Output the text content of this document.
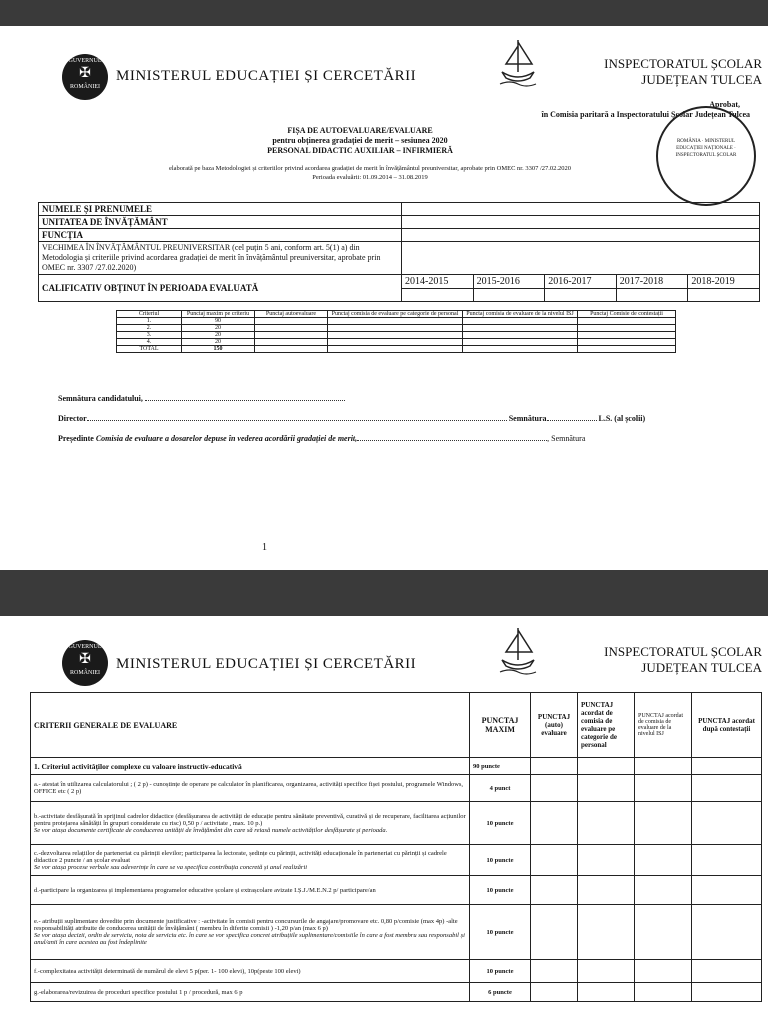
GUVERNUL
✠
ROMÂNIEI
MINISTERUL EDUCAȚIEI ȘI CERCETĂRII
INSPECTORATUL ȘCOLAR
JUDEȚEAN TULCEA
Aprobat,
în Comisia paritară a Inspectoratului Școlar Județean Tulcea
ROMÂNIA · MINISTERUL EDUCAȚIEI NAȚIONALE · INSPECTORATUL ȘCOLAR
FIȘA DE AUTOEVALUARE/EVALUARE
pentru obținerea gradației de merit – sesiunea 2020
PERSONAL DIDACTIC AUXILIAR – INFIRMIERĂ
elaborată pe baza Metodologiei și criteriilor privind acordarea gradației de merit în învățământul preuniversitar, aprobate prin OMEC nr. 3307 /27.02.2020
Perioada evaluării: 01.09.2014 – 31.08.2019
NUMELE ȘI PRENUMELE					
UNITATEA DE ÎNVĂȚĂMÂNT					
FUNCȚIA					
VECHIMEA ÎN ÎNVĂȚĂMÂNTUL PREUNIVERSITAR (cel puțin 5 ani, conform art. 5(1) a) din Metodologia și criteriile privind acordarea gradației de merit în învățământul preuniversitar, aprobate prin OMEC nr. 3307 /27.02.2020)					
CALIFICATIV OBȚINUT ÎN PERIOADA EVALUATĂ	2014-2015	2015-2016	2016-2017	2017-2018	2018-2019

Criteriul	Punctaj maxim pe criteriu	Punctaj autoevaluare	Punctaj comisia de evaluare pe categorie de personal	Punctaj comisia de evaluare de la nivelul ISJ	Punctaj Comisie de contestații
1.	90				
2.	20				
3.	20				
4.	20				
TOTAL	150				
Semnătura candidatului,
Director	Semnătura	L.S. (al școlii)
Președinte Comisia de evaluare a dosarelor depuse în vederea acordării gradației de merit,	, Semnătura
1
GUVERNUL
✠
ROMÂNIEI
MINISTERUL EDUCAȚIEI ȘI CERCETĂRII
INSPECTORATUL ȘCOLAR
JUDEȚEAN TULCEA
CRITERII GENERALE DE EVALUARE	PUNCTAJ MAXIM	PUNCTAJ (auto) evaluare	PUNCTAJ acordat de comisia de evaluare pe categorie de personal	PUNCTAJ acordat de comisia de evaluare de la nivelul ISJ	PUNCTAJ acordat după contestații
1. Criteriul activităților complexe cu valoare instructiv-educativă	90 puncte				
a.- atestat în utilizarea calculatorului ; ( 2 p) - cunoștințe de operare pe calculator în planificarea, organizarea, activități specifice fișei postului, programele Windows, OFFICE etc ( 2 p)	4 punct				
b.-activitate desfășurată în sprijinul cadrelor didactice (desfășurarea de activități de educație pentru sănătate preventivă, curativă și de recuperare, facilitarea acțiunilor pentru protejarea sănătății în grupuri considerate cu risc) 0,50 p / activitate , max. 10 p.)
Se vor atașa documente certificate de conducerea unității de învățământ din care să reiasă numele activităților desfășurate și perioada.	10 puncte				
c.-dezvoltarea relațiilor de parteneriat cu părinții elevilor; participarea la lectorate, ședințe cu părinții, activități educaționale în parteneriat cu părinții și cadrele didactice 2 puncte / an școlar evaluat
Se vor atașa procese verbale sau adeverințe în care se va specifica contribuția concretă și anul realizării	10 puncte				
d.-participare la organizarea și implementarea programelor educative școlare și extrașcolare avizate I.Ș.J./M.E.N.2 p/ participare/an	10 puncte				
e.- atribuții suplimentare dovedite prin documente justificative : -activitate în comisii pentru concursurile de angajare/promovare etc. 0,80 p/comisie (max 4p) -alte responsabilități atribuite de conducerea unității de învățământ ( membru în diferite comisii ) -1,20 p/an (max 6 p)
Se vor atașa decizii, ordin de serviciu, nota de serviciu etc. în care se vor specifica concret atribuțiile suplimentare/comisiile în care a fost membru sau responsabil și anul/anii în care acestea au fost îndeplinite	10 puncte				
f.-complexitatea activității determinată de numărul de elevi 5 p(per. 1- 100 elevi), 10p(peste 100 elevi)	10 puncte				
g.-elaborarea/revizuirea de proceduri specifice postului 1 p / procedură, max 6 p	6 puncte				
